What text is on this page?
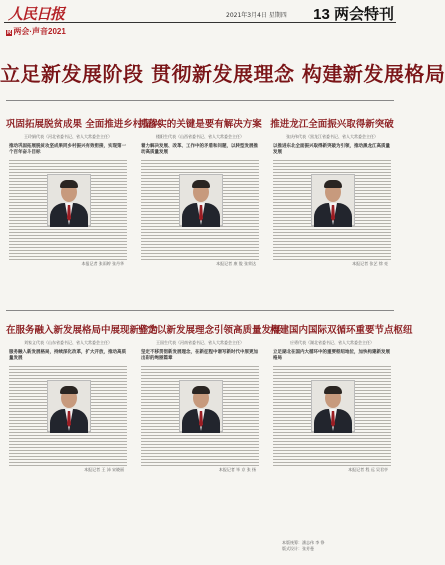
人民日报	2021年3月4日 星期四 13 两会特刊
R 两会·声音2021
立足新发展阶段 贯彻新发展理念 构建新发展格局
巩固拓展脱贫成果 全面推进乡村振兴
王玲娟代表（河北省委书记、省人大常委会主任）
推动巩固拓展脱贫攻坚成果同乡村振兴有效衔接，实现第一个百年奋斗目标
本报记者 张雨婷 张丹华
抓落实的关键是要有解决方案
楼阳生代表（山西省委书记、省人大常委会主任）
着力解决发展、改革、工作中的矛盾和问题，以转型发展推动高质量发展
本报记者 康 俊 张荣达
推进龙江全面振兴取得新突破
张庆伟代表（黑龙江省委书记、省人大常委会主任）
以推进东北全面振兴取得新突破为引领，推动黑龙江高质量发展
本报记者 张艺 徐 亮
在服务融入新发展格局中展现新作为
刘家义代表（山东省委书记、省人大常委会主任）
服务融入新发展格局，持续深化改革，扩大开放，推动高质量发展
本报记者 王 沛 宋晓丽
坚定以新发展理念引领高质量发展
王国生代表（河南省委书记、省人大常委会主任）
坚定不移贯彻新发展理念，在新征程中谱写新时代中原更加出彩的绚丽篇章
本报记者 毕 京 张 扬
构建国内国际双循环重要节点枢纽
应勇代表（湖北省委书记、省人大常委会主任）
立足湖北在国内大循环中的重要枢纽地位，加快构建新发展格局
本报记者 程 远 吴君亭
本版统筹：潘志伟 李 铮
版式设计：张芳曼
